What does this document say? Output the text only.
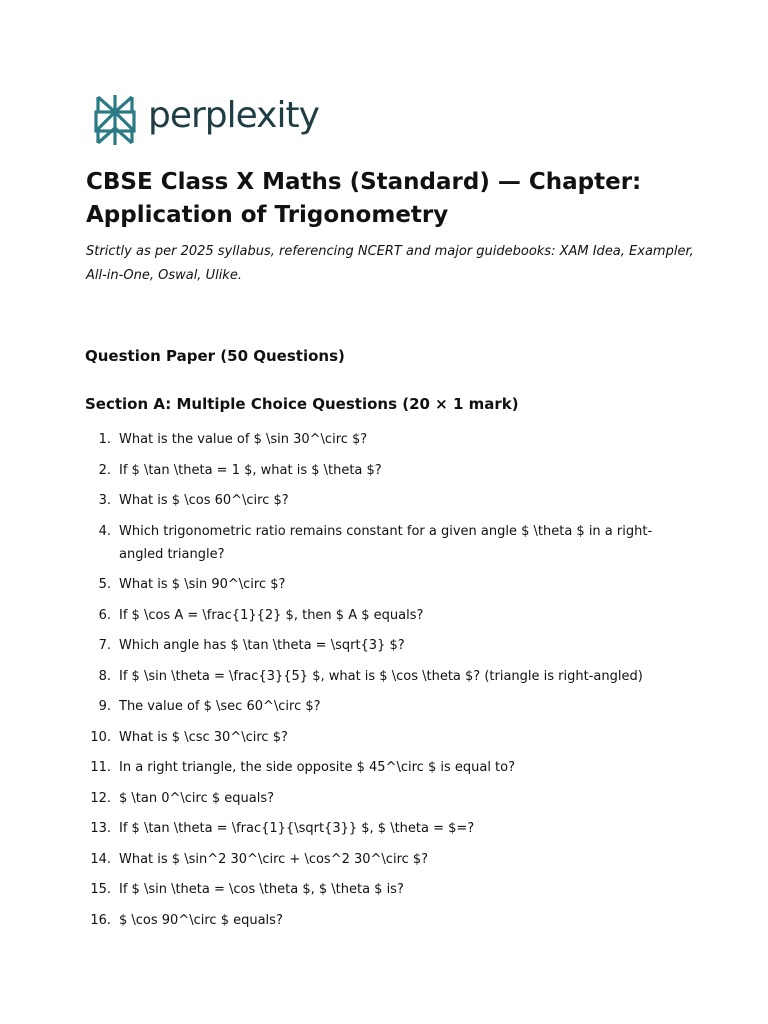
perplexity
CBSE Class X Maths (Standard) — Chapter: Application of Trigonometry

Strictly as per 2025 syllabus, referencing NCERT and major guidebooks: XAM Idea, Exampler, All-in-One, Oswal, Ulike.

Question Paper (50 Questions)
Section A: Multiple Choice Questions (20 × 1 mark)
1. What is the value of $ \sin 30^\circ $?
2. If $ \tan \theta = 1 $, what is $ \theta $?
3. What is $ \cos 60^\circ $?
4. Which trigonometric ratio remains constant for a given angle $ \theta $ in a right-angled triangle?
5. What is $ \sin 90^\circ $?
6. If $ \cos A = \frac{1}{2} $, then $ A $ equals?
7. Which angle has $ \tan \theta = \sqrt{3} $?
8. If $ \sin \theta = \frac{3}{5} $, what is $ \cos \theta $? (triangle is right-angled)
9. The value of $ \sec 60^\circ $?
10. What is $ \csc 30^\circ $?
11. In a right triangle, the side opposite $ 45^\circ $ is equal to?
12. $ \tan 0^\circ $ equals?
13. If $ \tan \theta = \frac{1}{\sqrt{3}} $, $ \theta = $=?
14. What is $ \sin^2 30^\circ + \cos^2 30^\circ $?
15. If $ \sin \theta = \cos \theta $, $ \theta $ is?
16. $ \cos 90^\circ $ equals?
